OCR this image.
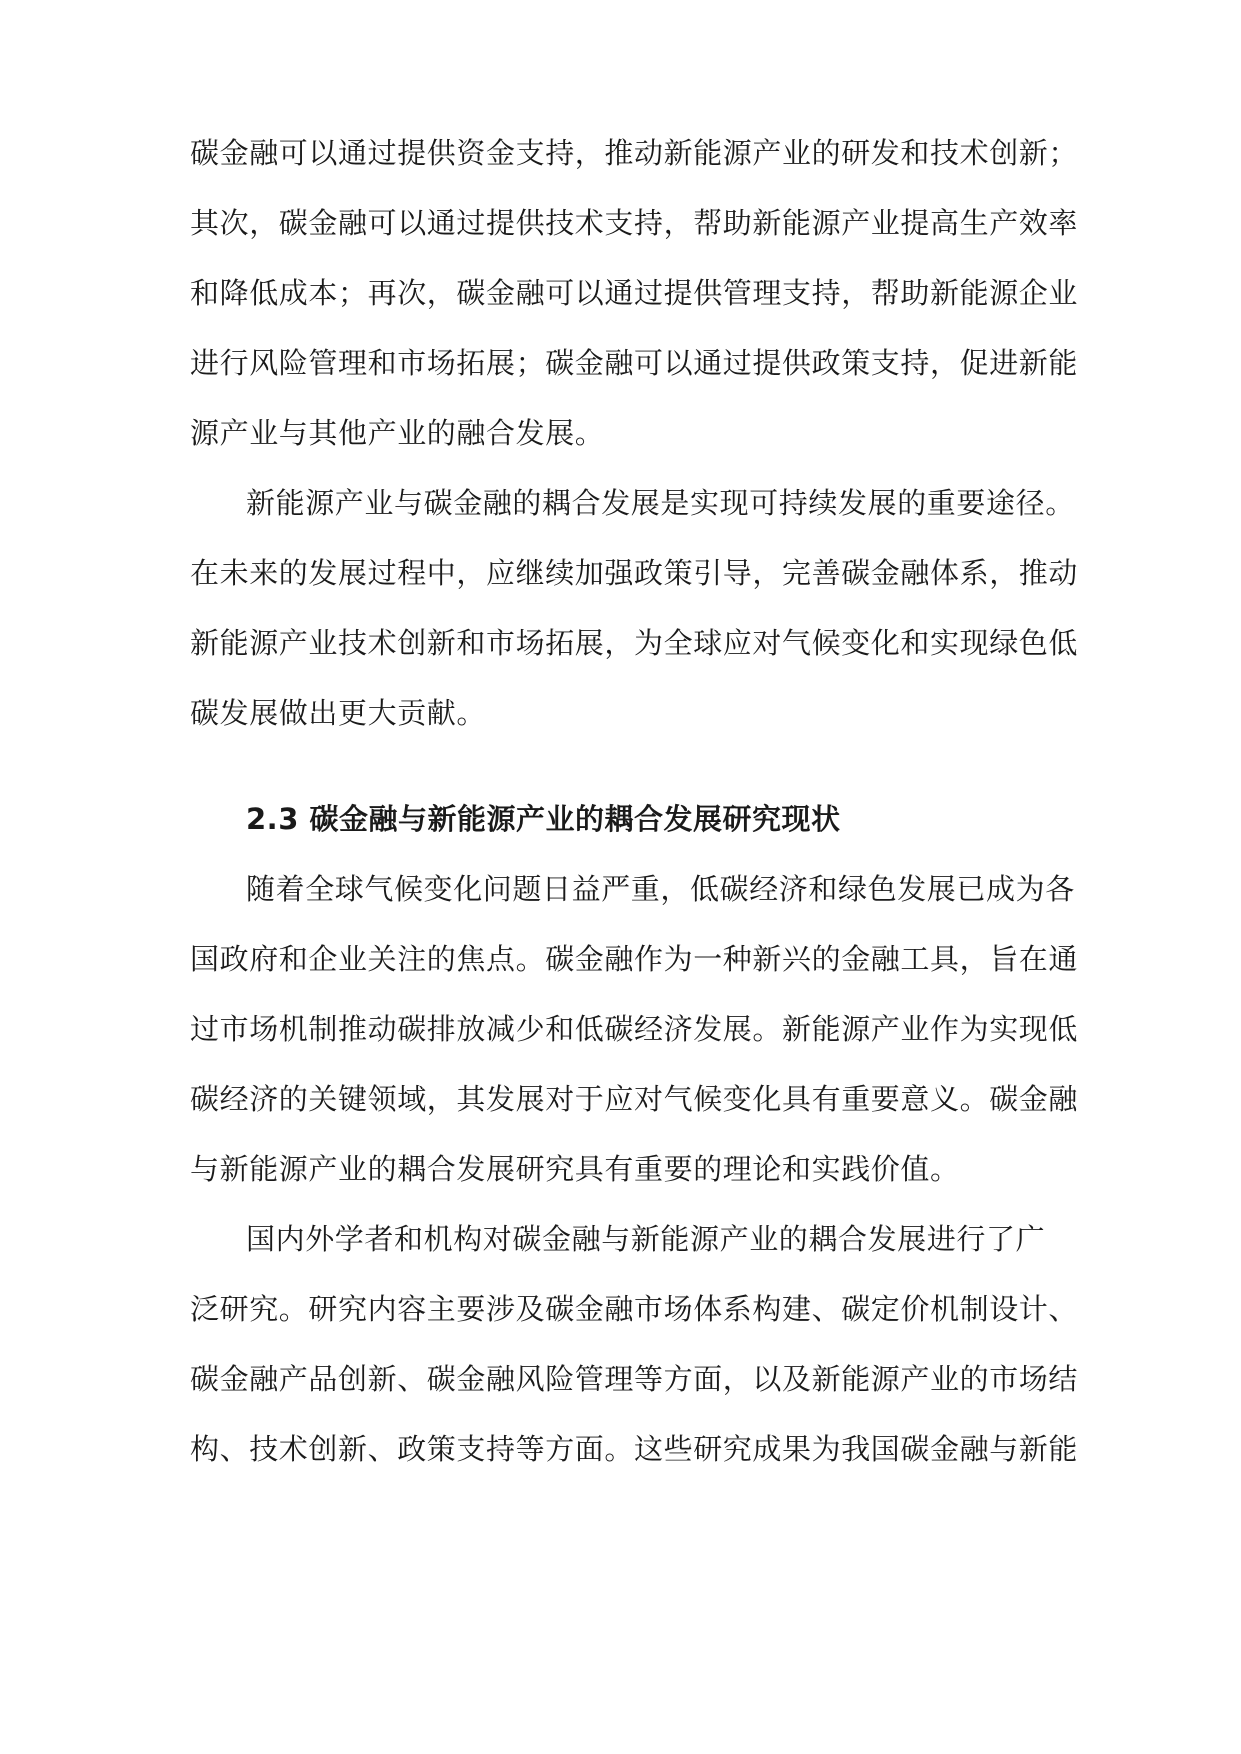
碳金融可以通过提供资金支持，推动新能源产业的研发和技术创新；
其次，碳金融可以通过提供技术支持，帮助新能源产业提高生产效率
和降低成本；再次，碳金融可以通过提供管理支持，帮助新能源企业
进行风险管理和市场拓展；碳金融可以通过提供政策支持，促进新能
源产业与其他产业的融合发展。
新能源产业与碳金融的耦合发展是实现可持续发展的重要途径。
在未来的发展过程中，应继续加强政策引导，完善碳金融体系，推动
新能源产业技术创新和市场拓展，为全球应对气候变化和实现绿色低
碳发展做出更大贡献。
2.3 碳金融与新能源产业的耦合发展研究现状
随着全球气候变化问题日益严重，低碳经济和绿色发展已成为各
国政府和企业关注的焦点。碳金融作为一种新兴的金融工具，旨在通
过市场机制推动碳排放减少和低碳经济发展。新能源产业作为实现低
碳经济的关键领域，其发展对于应对气候变化具有重要意义。碳金融
与新能源产业的耦合发展研究具有重要的理论和实践价值。
国内外学者和机构对碳金融与新能源产业的耦合发展进行了广
泛研究。研究内容主要涉及碳金融市场体系构建、碳定价机制设计、
碳金融产品创新、碳金融风险管理等方面，以及新能源产业的市场结
构、技术创新、政策支持等方面。这些研究成果为我国碳金融与新能
